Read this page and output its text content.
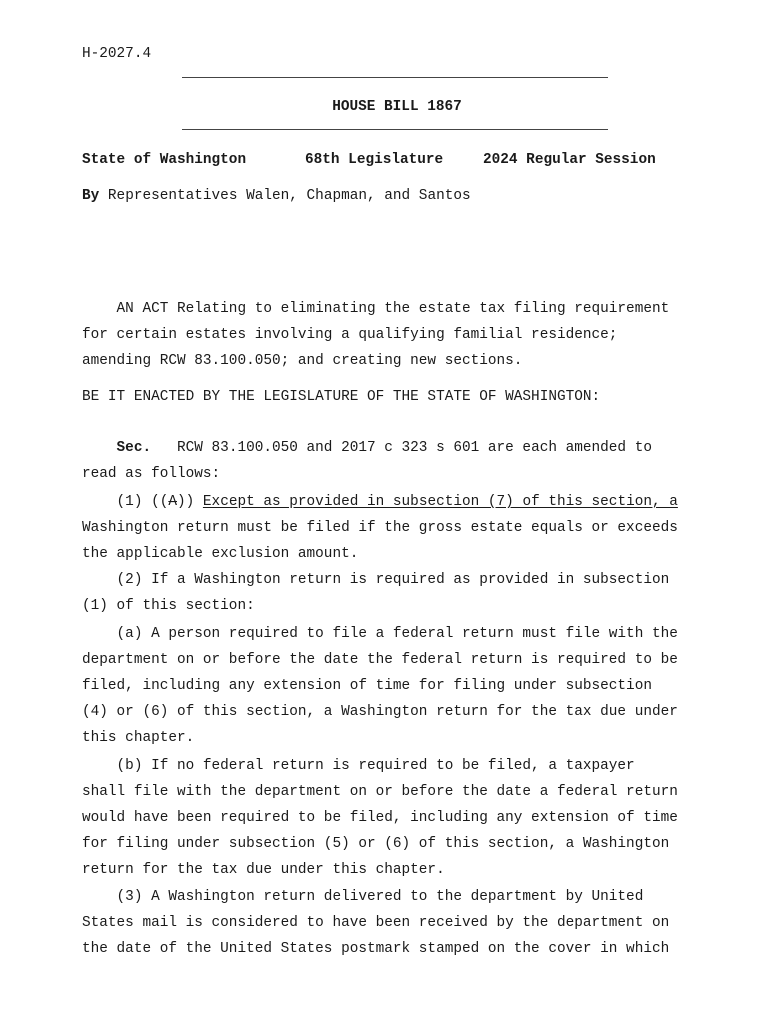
H-2027.4
HOUSE BILL 1867
State of Washington	68th Legislature	2024 Regular Session
By Representatives Walen, Chapman, and Santos
AN ACT Relating to eliminating the estate tax filing requirement
for certain estates involving a qualifying familial residence;
amending RCW 83.100.050; and creating new sections.
BE IT ENACTED BY THE LEGISLATURE OF THE STATE OF WASHINGTON:
Sec.   RCW 83.100.050 and 2017 c 323 s 601 are each amended to
read as follows:
(1) ((A)) Except as provided in subsection (7) of this section, a
Washington return must be filed if the gross estate equals or exceeds
the applicable exclusion amount.
(2) If a Washington return is required as provided in subsection
(1) of this section:
(a) A person required to file a federal return must file with the
department on or before the date the federal return is required to be
filed, including any extension of time for filing under subsection
(4) or (6) of this section, a Washington return for the tax due under
this chapter.
(b) If no federal return is required to be filed, a taxpayer
shall file with the department on or before the date a federal return
would have been required to be filed, including any extension of time
for filing under subsection (5) or (6) of this section, a Washington
return for the tax due under this chapter.
(3) A Washington return delivered to the department by United
States mail is considered to have been received by the department on
the date of the United States postmark stamped on the cover in which
